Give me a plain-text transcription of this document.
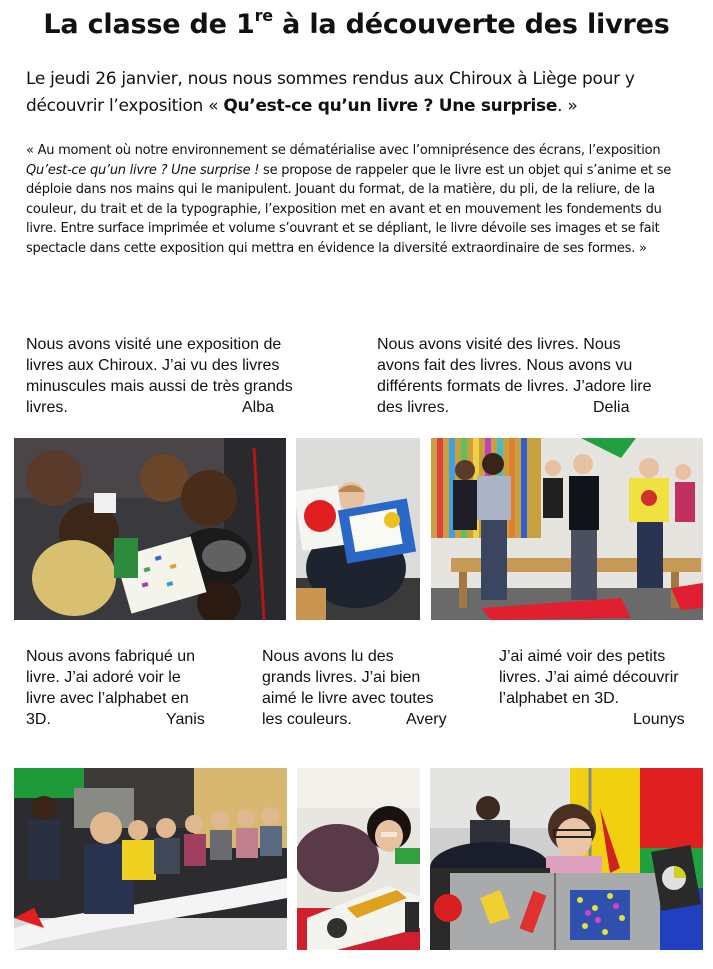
La classe de 1re à la découverte des livres
Le jeudi 26 janvier, nous nous sommes rendus aux Chiroux à Liège pour y découvrir l’exposition « Qu’est-ce qu’un livre ? Une surprise. »
« Au moment où notre environnement se dématérialise avec l’omniprésence des écrans, l’exposition Qu’est-ce qu’un livre ? Une surprise ! se propose de rappeler que le livre est un objet qui s’anime et se déploie dans nos mains qui le manipulent. Jouant du format, de la matière, du pli, de la reliure, de la couleur, du trait et de la typographie, l’exposition met en avant et en mouvement les fondements du livre. Entre surface imprimée et volume s’ouvrant et se dépliant, le livre dévoile ses images et se fait spectacle dans cette exposition qui mettra en évidence la diversité extraordinaire de ses formes. »
Nous avons visité une exposition de
livres aux Chiroux. J’ai vu des livres
minuscules mais aussi de très grands
livres.	Alba
Nous avons visité des livres. Nous
avons fait des livres. Nous avons vu
différents formats de livres. J’adore lire
des livres.	Delia
Nous avons fabriqué un
livre. J’ai adoré voir le
livre avec l’alphabet en
3D.	Yanis
Nous avons lu des
grands livres. J’ai bien
aimé le livre avec toutes
les couleurs.	Avery
J’ai aimé voir des petits
livres. J’ai aimé découvrir
l’alphabet en 3D.
Lounys
